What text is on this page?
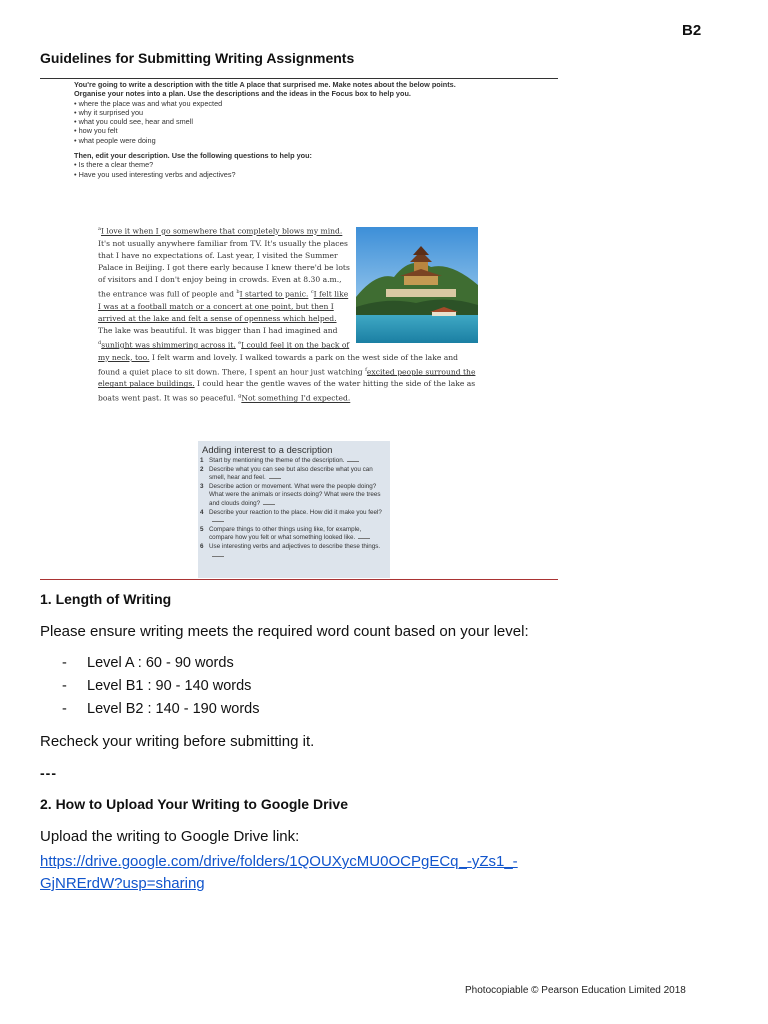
B2
Guidelines for Submitting Writing Assignments
You're going to write a description with the title A place that surprised me. Make notes about the below points. Organise your notes into a plan. Use the descriptions and the ideas in the Focus box to help you.
• where the place was and what you expected
• why it surprised you
• what you could see, hear and smell
• how you felt
• what people were doing
Then, edit your description. Use the following questions to help you:
• Is there a clear theme?
• Have you used interesting verbs and adjectives?
$^a$I love it when I go somewhere that completely blows my mind. It's not usually anywhere familiar from TV. It's usually the places that I have no expectations of. Last year, I visited the Summer Palace in Beijing. I got there early because I knew there'd be lots of visitors and I don't enjoy being in crowds. Even at 8.30 a.m., the entrance was full of people and $^b$I started to panic. $^c$I felt like I was at a football match or a concert at one point, but then I arrived at the lake and felt a sense of openness which helped. The lake was beautiful. It was bigger than I had imagined and $^d$sunlight was shimmering across it. $^e$I could feel it on the back of my neck, too. I felt warm and lovely. I walked towards a park on the west side of the lake and found a quiet place to sit down. There, I spent an hour just watching $^f$excited people surround the elegant palace buildings. I could hear the gentle waves of the water hitting the side of the lake as boats went past. It was so peaceful. $^g$Not something I'd expected.
Adding interest to a description
1 Start by mentioning the theme of the description.
2 Describe what you can see but also describe what you can smell, hear and feel.
3 Describe action or movement. What were the people doing? What were the animals or insects doing? What were the trees and clouds doing?
4 Describe your reaction to the place. How did it make you feel?
5 Compare things to other things using like, for example, compare how you felt or what something looked like.
6 Use interesting verbs and adjectives to describe these things.
1. Length of Writing
Please ensure writing meets the required word count based on your level:
- Level A : 60 - 90 words
- Level B1 : 90 - 140 words
- Level B2 : 140 - 190 words
Recheck your writing before submitting it.
---
2. How to Upload Your Writing to Google Drive
Upload the writing to Google Drive link:
https://drive.google.com/drive/folders/1QOUXycMU0OCPgECq_-yZs1_-
GjNRErdW?usp=sharing
Photocopiable © Pearson Education Limited 2018
